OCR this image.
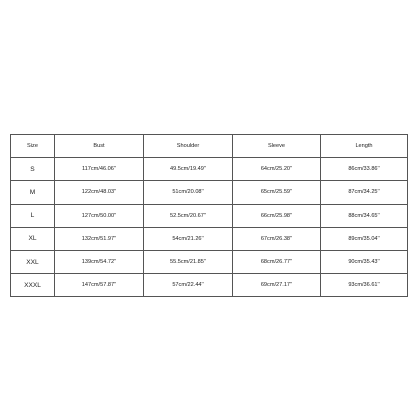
Size	Bust	Shoulder	Sleeve	Length
S	117cm/46.06''	49.5cm/19.49''	64cm/25.20''	86cm/33.86''
M	122cm/48.03''	51cm/20.08''	65cm/25.59''	87cm/34.25''
L	127cm/50.00''	52.5cm/20.67''	66cm/25.98''	88cm/34.65''
XL	132cm/51.97''	54cm/21.26''	67cm/26.38''	89cm/35.04''
XXL	139cm/54.72''	55.5cm/21.85''	68cm/26.77''	90cm/35.43''
XXXL	147cm/57.87''	57cm/22.44''	69cm/27.17''	93cm/36.61''
